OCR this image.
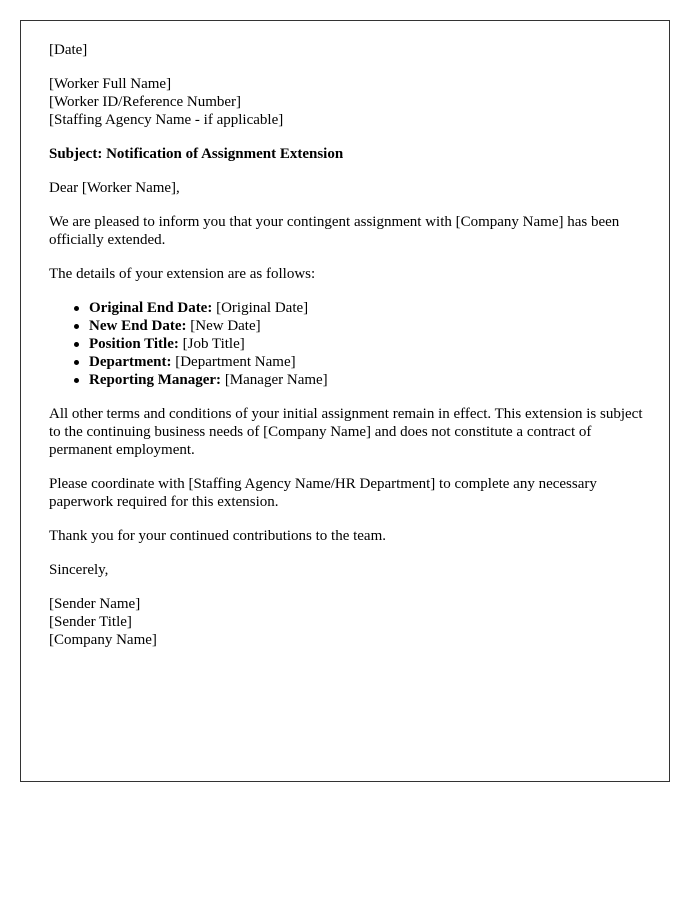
[Date]

[Worker Full Name]
[Worker ID/Reference Number]
[Staffing Agency Name - if applicable]

Subject: Notification of Assignment Extension

Dear [Worker Name],

We are pleased to inform you that your contingent assignment with [Company Name] has been officially extended.

The details of your extension are as follows:

Original End Date: [Original Date]
New End Date: [New Date]
Position Title: [Job Title]
Department: [Department Name]
Reporting Manager: [Manager Name]

All other terms and conditions of your initial assignment remain in effect. This extension is subject to the continuing business needs of [Company Name] and does not constitute a contract of permanent employment.

Please coordinate with [Staffing Agency Name/HR Department] to complete any necessary paperwork required for this extension.

Thank you for your continued contributions to the team.

Sincerely,

[Sender Name]
[Sender Title]
[Company Name]
